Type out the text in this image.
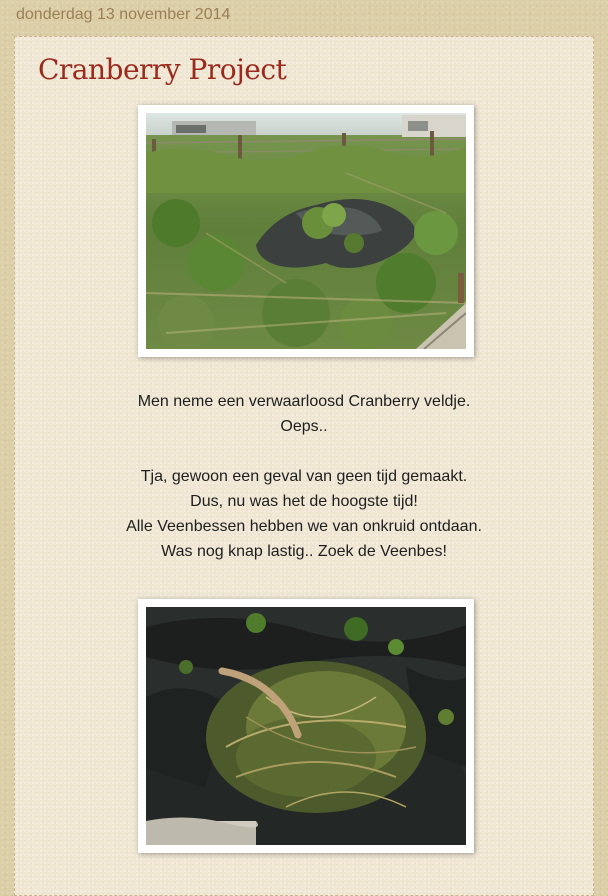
donderdag 13 november 2014
Cranberry Project
Men neme een verwaarloosd Cranberry veldje.
Oeps..
Tja, gewoon een geval van geen tijd gemaakt.
Dus, nu was het de hoogste tijd!
Alle Veenbessen hebben we van onkruid ontdaan.
Was nog knap lastig.. Zoek de Veenbes!
